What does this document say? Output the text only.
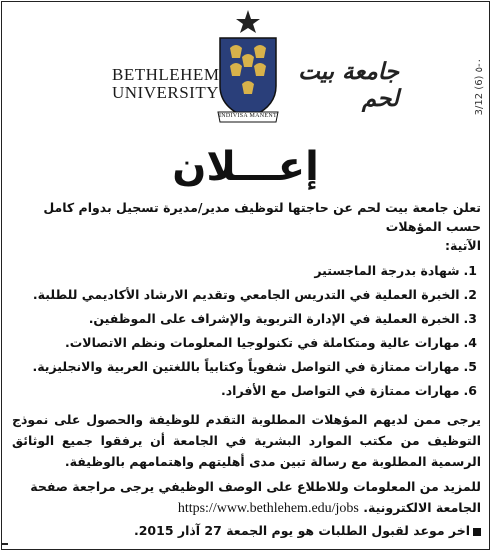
BETHLEHEM
UNIVERSITY
INDIVISA MANENT
جامعة بيت لحم	3/12 (6) ٠-٥
إعـــلان

تعلن جامعة بيت لحم عن حاجتها لتوظيف مدير/مديرة تسجيل بدوام كامل حسب المؤهلات

الآتية:

1.شهادة بدرجة الماجستير
2.الخبرة العملية في التدريس الجامعي وتقديم الارشاد الأكاديمي للطلبة.
3.الخبرة العملية في الإدارة التربوية والإشراف على الموظفين.
4.مهارات عالية ومتكاملة في تكنولوجيا المعلومات ونظم الاتصالات.
5.مهارات ممتازة في التواصل شفوياً وكتابياً باللغتين العربية والانجليزية.
6.مهارات ممتازة في التواصل مع الأفراد.

يرجى ممن لديهم المؤهلات المطلوبة التقدم للوظيفة والحصول على نموذج التوظيف من مكتب الموارد البشرية في الجامعة أن يرفقوا جميع الوثائق الرسمية المطلوبة مع رسالة تبين مدى أهليتهم واهتمامهم بالوظيفة.

للمزيد من المعلومات وللاطلاع على الوصف الوظيفي يرجى مراجعة صفحة الجامعة الالكترونية. https://www.bethlehem.edu/jobs

اخر موعد لقبول الطلبات هو يوم الجمعة 27 آذار 2015.
